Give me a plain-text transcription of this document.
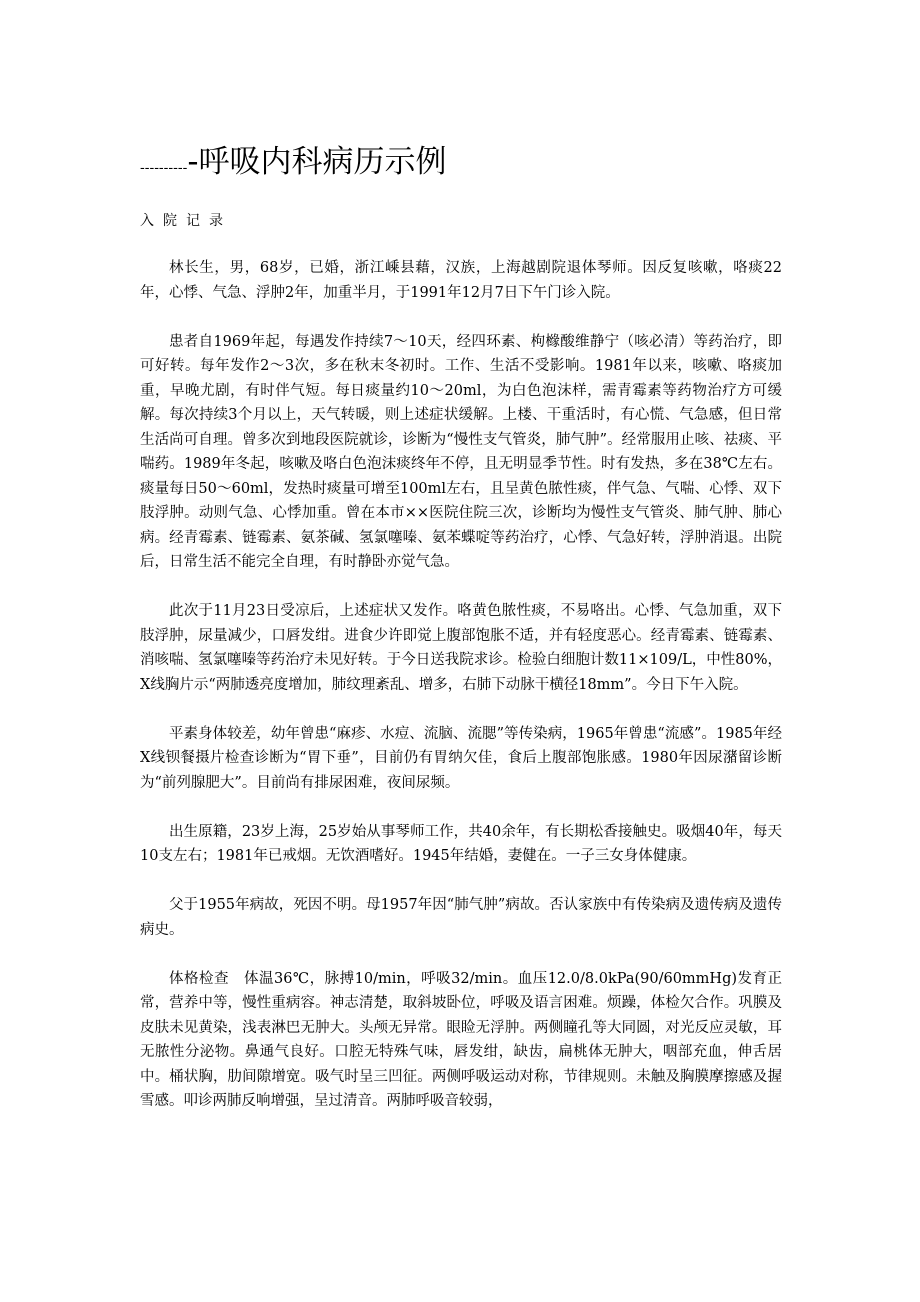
-----------呼吸内科病历示例
入院记录

林长生，男，68岁，已婚，浙江嵊县藉，汉族，上海越剧院退体琴师。因反复咳嗽，咯痰22年，心悸、气急、浮肿2年，加重半月，于1991年12月7日下午门诊入院。

患者自1969年起，每遇发作持续7～10天，经四环素、枸橼酸维静宁（咳必清）等药治疗，即可好转。每年发作2～3次，多在秋末冬初时。工作、生活不受影响。1981年以来，咳嗽、咯痰加重，早晚尤剧，有时伴气短。每日痰量约10～20ml，为白色泡沫样，需青霉素等药物治疗方可缓解。每次持续3个月以上，天气转暖，则上述症状缓解。上楼、干重活时，有心慌、气急感，但日常生活尚可自理。曾多次到地段医院就诊，诊断为“慢性支气管炎，肺气肿”。经常服用止咳、祛痰、平喘药。1989年冬起，咳嗽及咯白色泡沫痰终年不停，且无明显季节性。时有发热，多在38℃左右。痰量每日50～60ml，发热时痰量可增至100ml左右，且呈黄色脓性痰，伴气急、气喘、心悸、双下肢浮肿。动则气急、心悸加重。曾在本市××医院住院三次，诊断均为慢性支气管炎、肺气肿、肺心病。经青霉素、链霉素、氨茶碱、氢氯噻嗪、氨苯蝶啶等药治疗，心悸、气急好转，浮肿消退。出院后，日常生活不能完全自理，有时静卧亦觉气急。

此次于11月23日受凉后，上述症状又发作。咯黄色脓性痰，不易咯出。心悸、气急加重，双下肢浮肿，尿量减少，口唇发绀。进食少许即觉上腹部饱胀不适，并有轻度恶心。经青霉素、链霉素、消咳喘、氢氯噻嗪等药治疗未见好转。于今日送我院求诊。检验白细胞计数11×109/L，中性80%，X线胸片示“两肺透亮度增加，肺纹理紊乱、增多，右肺下动脉干横径18mm”。今日下午入院。

平素身体较差，幼年曾患“麻疹、水痘、流脑、流腮”等传染病，1965年曾患“流感”。1985年经X线钡餐摄片检查诊断为“胃下垂”，目前仍有胃纳欠佳，食后上腹部饱胀感。1980年因尿潴留诊断为“前列腺肥大”。目前尚有排尿困难，夜间尿频。

出生原籍，23岁上海，25岁始从事琴师工作，共40余年，有长期松香接触史。吸烟40年，每天10支左右；1981年已戒烟。无饮酒嗜好。1945年结婚，妻健在。一子三女身体健康。

父于1955年病故，死因不明。母1957年因“肺气肿”病故。否认家族中有传染病及遗传病及遗传病史。

体格检查　体温36℃，脉搏10/min，呼吸32/min。血压12.0/8.0kPa(90/60mmHg)发育正常，营养中等，慢性重病容。神志清楚，取斜坡卧位，呼吸及语言困难。烦躁，体检欠合作。巩膜及皮肤未见黄染，浅表淋巴无肿大。头颅无异常。眼睑无浮肿。两侧瞳孔等大同圆，对光反应灵敏，耳无脓性分泌物。鼻通气良好。口腔无特殊气味，唇发绀，缺齿，扁桃体无肿大，咽部充血，伸舌居中。桶状胸，肋间隙增宽。吸气时呈三凹征。两侧呼吸运动对称，节律规则。未触及胸膜摩擦感及握雪感。叩诊两肺反响增强，呈过清音。两肺呼吸音较弱，
